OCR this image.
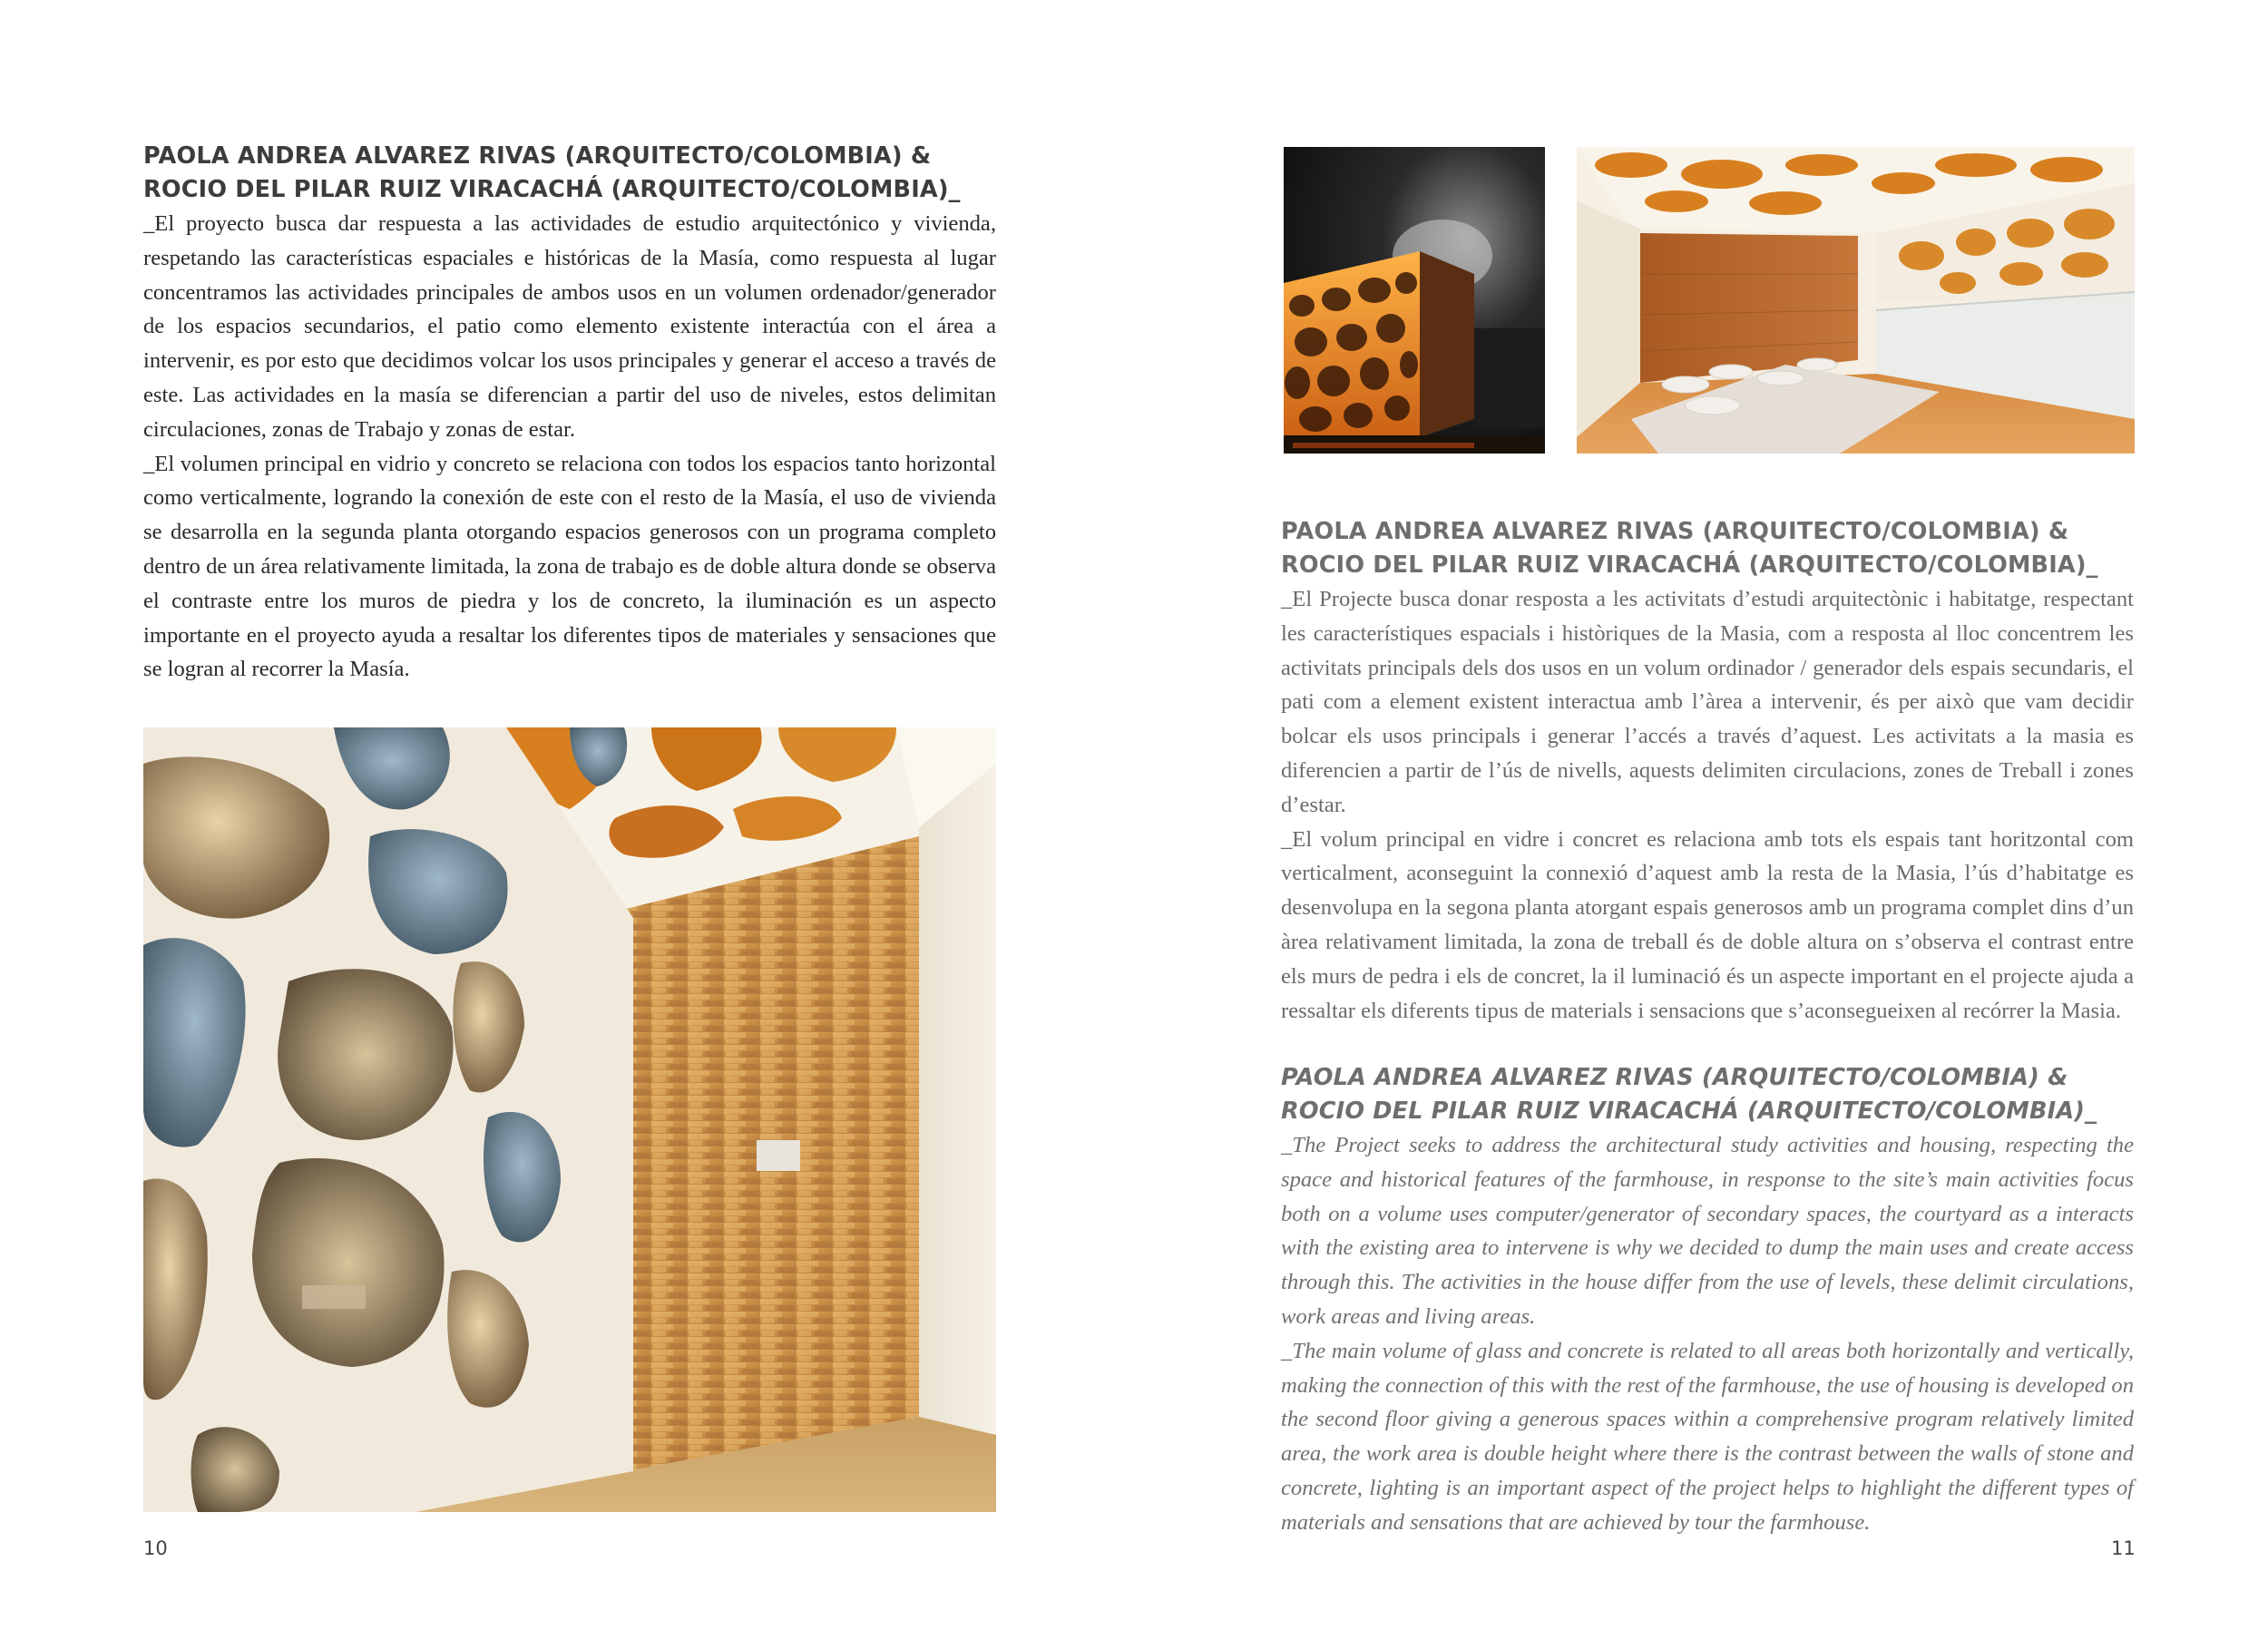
PAOLA ANDREA ALVAREZ RIVAS (ARQUITECTO/COLOMBIA) & ROCIO DEL PILAR RUIZ VIRACACHÁ (ARQUITECTO/COLOMBIA)_

_El proyecto busca dar respuesta a las actividades de estudio arquitectónico y vivienda, respetando las características espaciales e históricas de la Masía, como respuesta al lugar concentramos las actividades principales de ambos usos en un volumen ordenador/generador de los espacios secundarios, el patio como elemento existente interactúa con el área a intervenir, es por esto que decidimos volcar los usos principales y generar el acceso a través de este. Las actividades en la masía se diferencian a partir del uso de niveles, estos delimitan circulaciones, zonas de Trabajo y zonas de estar.

_El volumen principal en vidrio y concreto se relaciona con todos los espacios tanto horizontal como verticalmente, logrando la conexión de este con el resto de la Masía, el uso de vivienda se desarrolla en la segunda planta otorgando espacios generosos con un programa completo dentro de un área relativamente limitada, la zona de trabajo es de doble altura donde se observa el contraste entre los muros de piedra y los de concreto, la iluminación es un aspecto importante en el proyecto ayuda a resaltar los diferentes tipos de materiales y sensaciones que se logran al recorrer la Masía.

10
PAOLA ANDREA ALVAREZ RIVAS (ARQUITECTO/COLOMBIA) & ROCIO DEL PILAR RUIZ VIRACACHÁ (ARQUITECTO/COLOMBIA)_

_El Projecte busca donar resposta a les activitats d’estudi arquitectònic i habitatge, respectant les característiques espacials i històriques de la Masia, com a resposta al lloc concentrem les activitats principals dels dos usos en un volum ordinador / generador dels espais secundaris, el pati com a element existent interactua amb l’àrea a intervenir, és per això que vam decidir bolcar els usos principals i generar l’accés a través d’aquest. Les activitats a la masia es diferencien a partir de l’ús de nivells, aquests delimiten circulacions, zones de Treball i zones d’estar.

_El volum principal en vidre i concret es relaciona amb tots els espais tant horitzontal com verticalment, aconseguint la connexió d’aquest amb la resta de la Masia, l’ús d’habitatge es desenvolupa en la segona planta atorgant espais generosos amb un programa complet dins d’un àrea relativament limitada, la zona de treball és de doble altura on s’observa el contrast entre els murs de pedra i els de concret, la il luminació és un aspecte important en el projecte ajuda a ressaltar els diferents tipus de materials i sensacions que s’aconsegueixen al recórrer la Masia.

PAOLA ANDREA ALVAREZ RIVAS (ARQUITECTO/COLOMBIA) & ROCIO DEL PILAR RUIZ VIRACACHÁ (ARQUITECTO/COLOMBIA)_

_The Project seeks to address the architectural study activities and housing, respecting the space and historical features of the farmhouse, in response to the site’s main activities focus both on a volume uses computer/generator of secondary spaces, the courtyard as a interacts with the existing area to intervene is why we decided to dump the main uses and create access through this. The activities in the house differ from the use of levels, these delimit circulations, work areas and living areas.

_The main volume of glass and concrete is related to all areas both horizontally and vertically, making the connection of this with the rest of the farmhouse, the use of housing is developed on the second floor giving a generous spaces within a comprehensive program relatively limited area, the work area is double height where there is the contrast between the walls of stone and concrete, lighting is an important aspect of the project helps to highlight the different types of materials and sensations that are achieved by tour the farmhouse.

11
